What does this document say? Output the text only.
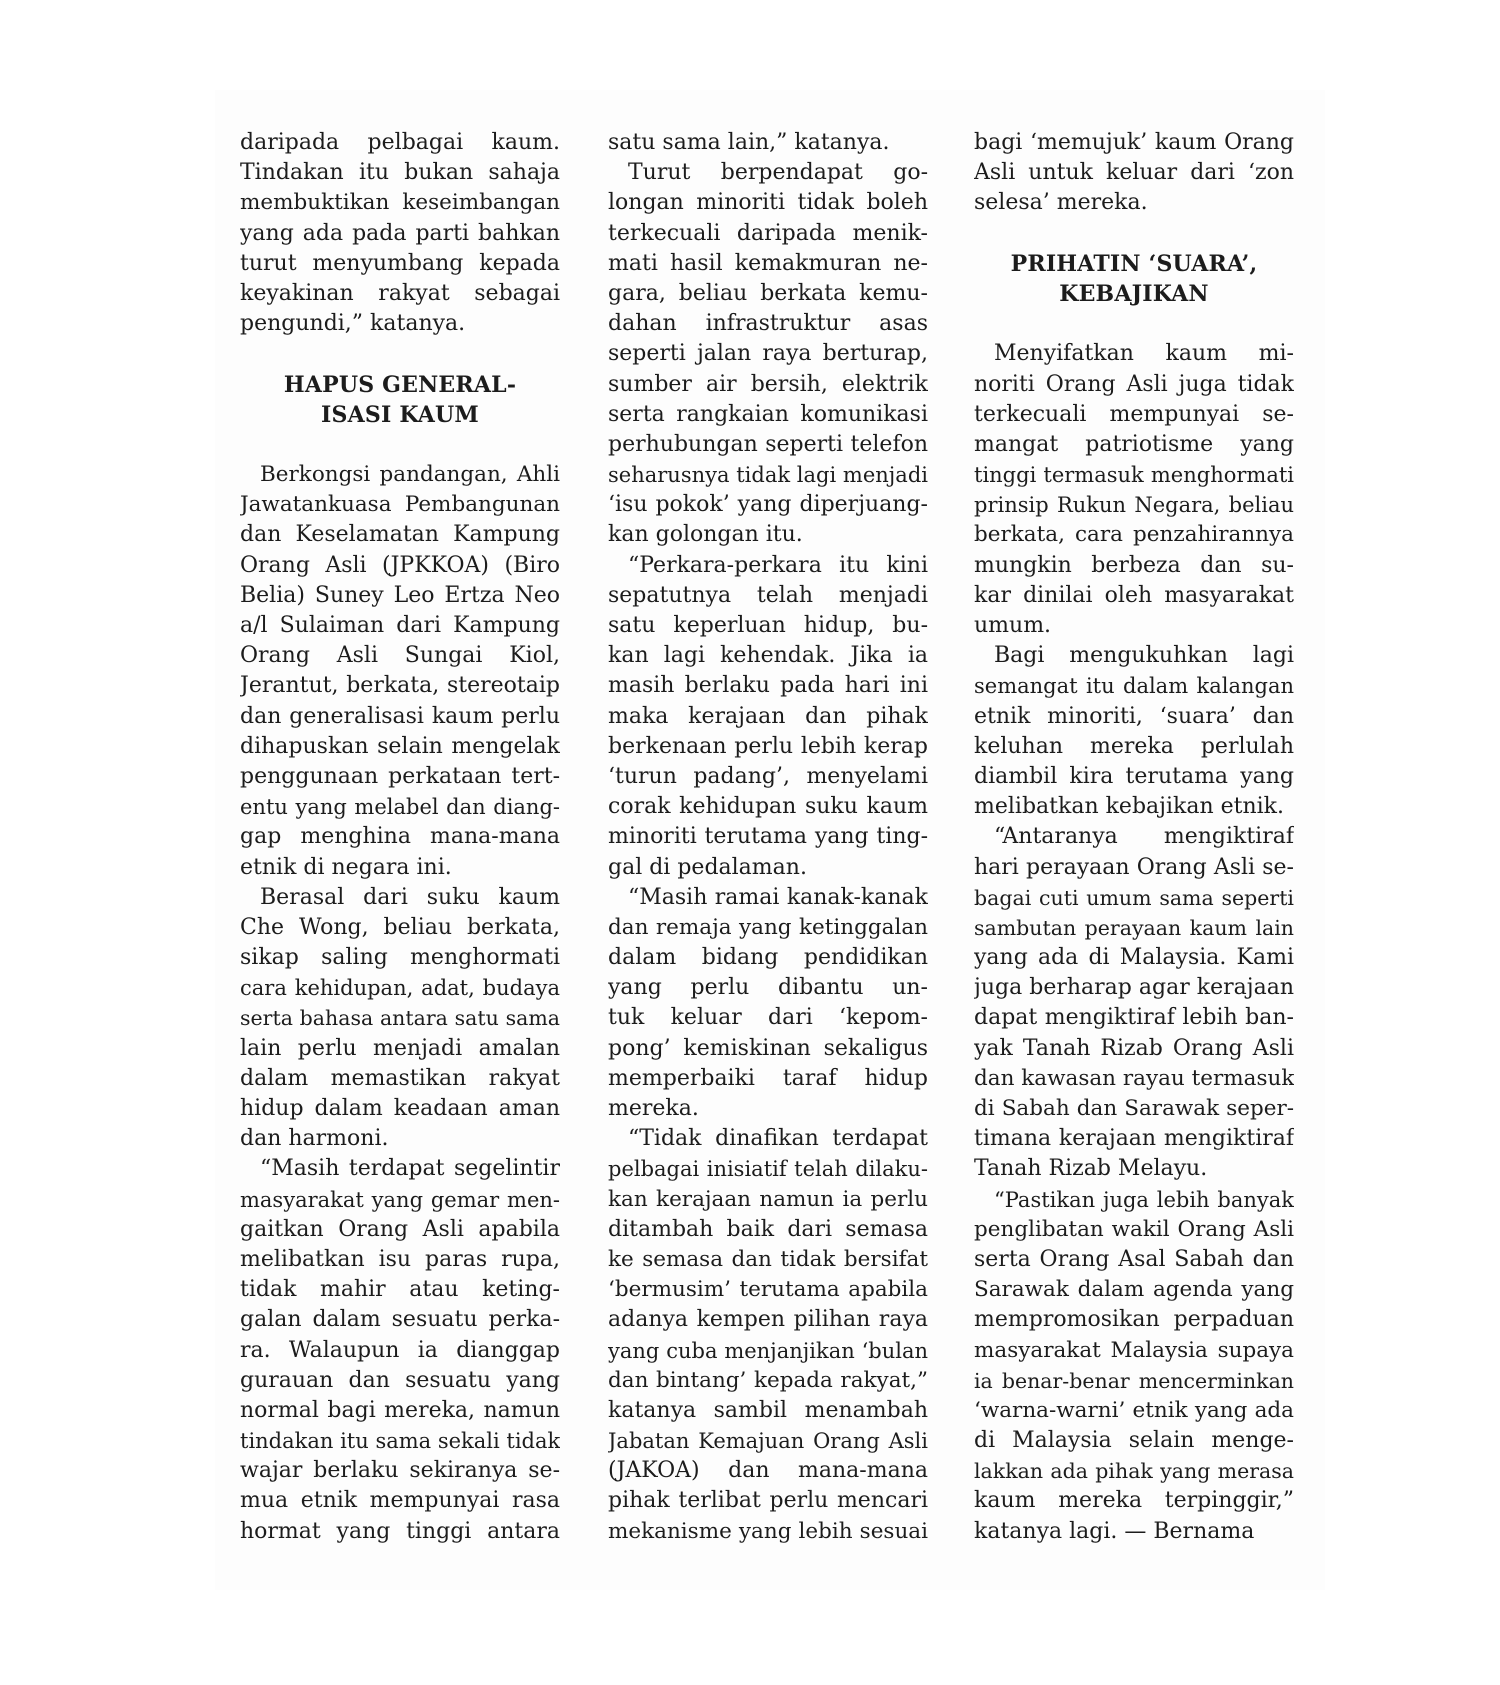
daripada pelbagai kaum.
Tindakan itu bukan sahaja
membuktikan keseimbangan
yang ada pada parti bahkan
turut menyumbang kepada
keyakinan rakyat sebagai
pengundi,” katanya.
HAPUS GENERAL-
ISASI KAUM
Berkongsi pandangan, Ahli
Jawatankuasa Pembangunan
dan Keselamatan Kampung
Orang Asli (JPKKOA) (Biro
Belia) Suney Leo Ertza Neo
a/l Sulaiman dari Kampung
Orang Asli Sungai Kiol,
Jerantut, berkata, stereotaip
dan generalisasi kaum perlu
dihapuskan selain mengelak
penggunaan perkataan tert-
entu yang melabel dan diang-
gap menghina mana-mana
etnik di negara ini.
Berasal dari suku kaum
Che Wong, beliau berkata,
sikap saling menghormati
cara kehidupan, adat, budaya
serta bahasa antara satu sama
lain perlu menjadi amalan
dalam memastikan rakyat
hidup dalam keadaan aman
dan harmoni.
“Masih terdapat segelintir
masyarakat yang gemar men-
gaitkan Orang Asli apabila
melibatkan isu paras rupa,
tidak mahir atau keting-
galan dalam sesuatu perka-
ra. Walaupun ia dianggap
gurauan dan sesuatu yang
normal bagi mereka, namun
tindakan itu sama sekali tidak
wajar berlaku sekiranya se-
mua etnik mempunyai rasa
hormat yang tinggi antara
satu sama lain,” katanya.
Turut berpendapat go-
longan minoriti tidak boleh
terkecuali daripada menik-
mati hasil kemakmuran ne-
gara, beliau berkata kemu-
dahan infrastruktur asas
seperti jalan raya berturap,
sumber air bersih, elektrik
serta rangkaian komunikasi
perhubungan seperti telefon
seharusnya tidak lagi menjadi
‘isu pokok’ yang diperjuang-
kan golongan itu.
“Perkara-perkara itu kini
sepatutnya telah menjadi
satu keperluan hidup, bu-
kan lagi kehendak. Jika ia
masih berlaku pada hari ini
maka kerajaan dan pihak
berkenaan perlu lebih kerap
‘turun padang’, menyelami
corak kehidupan suku kaum
minoriti terutama yang ting-
gal di pedalaman.
“Masih ramai kanak-kanak
dan remaja yang ketinggalan
dalam bidang pendidikan
yang perlu dibantu un-
tuk keluar dari ‘kepom-
pong’ kemiskinan sekaligus
memperbaiki taraf hidup
mereka.
“Tidak dinafikan terdapat
pelbagai inisiatif telah dilaku-
kan kerajaan namun ia perlu
ditambah baik dari semasa
ke semasa dan tidak bersifat
‘bermusim’ terutama apabila
adanya kempen pilihan raya
yang cuba menjanjikan ‘bulan
dan bintang’ kepada rakyat,”
katanya sambil menambah
Jabatan Kemajuan Orang Asli
(JAKOA) dan mana-mana
pihak terlibat perlu mencari
mekanisme yang lebih sesuai
bagi ‘memujuk’ kaum Orang
Asli untuk keluar dari ‘zon
selesa’ mereka.
PRIHATIN ‘SUARA’,
KEBAJIKAN
Menyifatkan kaum mi-
noriti Orang Asli juga tidak
terkecuali mempunyai se-
mangat patriotisme yang
tinggi termasuk menghormati
prinsip Rukun Negara, beliau
berkata, cara penzahirannya
mungkin berbeza dan su-
kar dinilai oleh masyarakat
umum.
Bagi mengukuhkan lagi
semangat itu dalam kalangan
etnik minoriti, ‘suara’ dan
keluhan mereka perlulah
diambil kira terutama yang
melibatkan kebajikan etnik.
“Antaranya mengiktiraf
hari perayaan Orang Asli se-
bagai cuti umum sama seperti
sambutan perayaan kaum lain
yang ada di Malaysia. Kami
juga berharap agar kerajaan
dapat mengiktiraf lebih ban-
yak Tanah Rizab Orang Asli
dan kawasan rayau termasuk
di Sabah dan Sarawak seper-
timana kerajaan mengiktiraf
Tanah Rizab Melayu.
“Pastikan juga lebih banyak
penglibatan wakil Orang Asli
serta Orang Asal Sabah dan
Sarawak dalam agenda yang
mempromosikan perpaduan
masyarakat Malaysia supaya
ia benar-benar mencerminkan
‘warna-warni’ etnik yang ada
di Malaysia selain menge-
lakkan ada pihak yang merasa
kaum mereka terpinggir,”
katanya lagi. — Bernama
